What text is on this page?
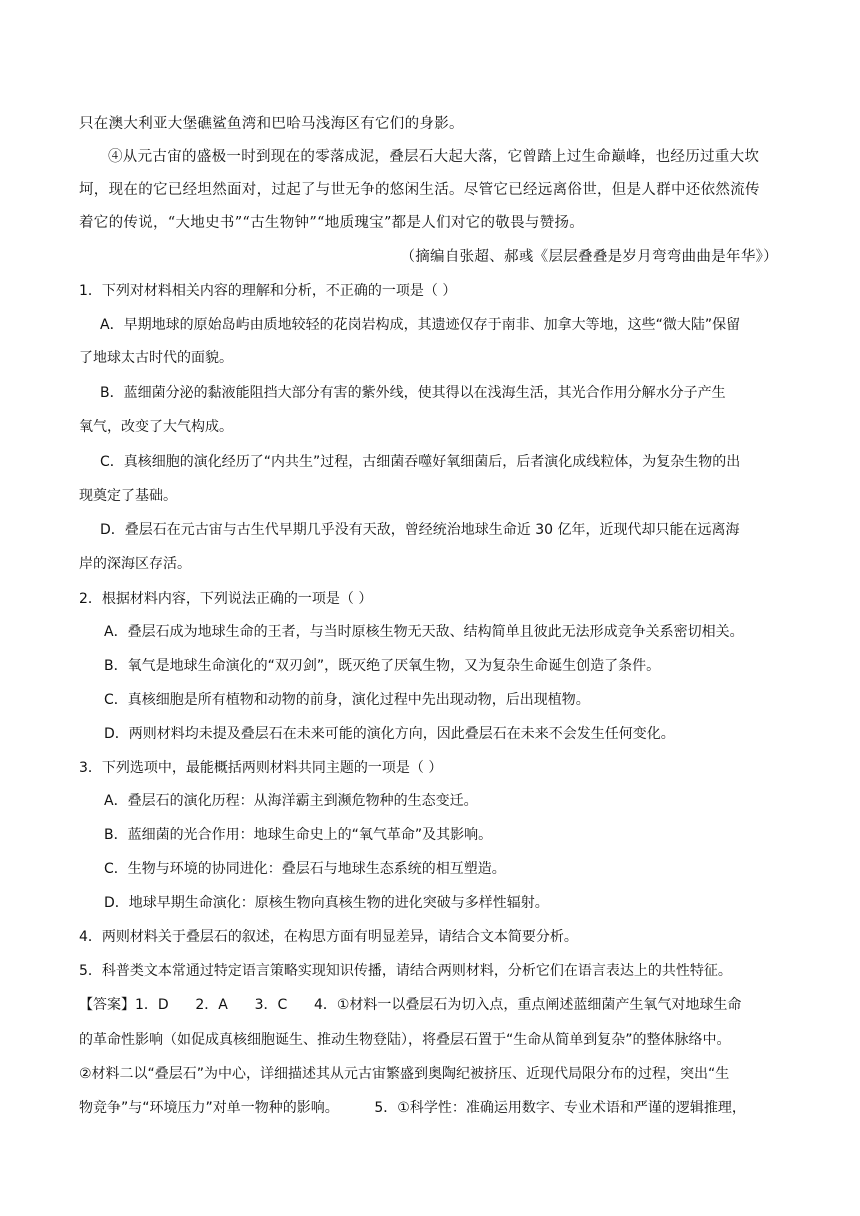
只在澳大利亚大堡礁鲨鱼湾和巴哈马浅海区有它们的身影。
④从元古宙的盛极一时到现在的零落成泥，叠层石大起大落，它曾踏上过生命巅峰，也经历过重大坎
坷，现在的它已经坦然面对，过起了与世无争的悠闲生活。尽管它已经远离俗世，但是人群中还依然流传
着它的传说，“大地史书”“古生物钟”“地质瑰宝”都是人们对它的敬畏与赞扬。
（摘编自张超、郝彧《层层叠叠是岁月弯弯曲曲是年华》）
1．下列对材料相关内容的理解和分析，不正确的一项是（ ）
A．早期地球的原始岛屿由质地较轻的花岗岩构成，其遗迹仅存于南非、加拿大等地，这些“微大陆”保留
了地球太古时代的面貌。
B．蓝细菌分泌的黏液能阻挡大部分有害的紫外线，使其得以在浅海生活，其光合作用分解水分子产生
氧气，改变了大气构成。
C．真核细胞的演化经历了“内共生”过程，古细菌吞噬好氧细菌后，后者演化成线粒体，为复杂生物的出
现奠定了基础。
D．叠层石在元古宙与古生代早期几乎没有天敌，曾经统治地球生命近 30 亿年，近现代却只能在远离海
岸的深海区存活。
2．根据材料内容，下列说法正确的一项是（ ）
A．叠层石成为地球生命的王者，与当时原核生物无天敌、结构简单且彼此无法形成竞争关系密切相关。
B．氧气是地球生命演化的“双刃剑”，既灭绝了厌氧生物，又为复杂生命诞生创造了条件。
C．真核细胞是所有植物和动物的前身，演化过程中先出现动物，后出现植物。
D．两则材料均未提及叠层石在未来可能的演化方向，因此叠层石在未来不会发生任何变化。
3．下列选项中，最能概括两则材料共同主题的一项是（ ）
A．叠层石的演化历程：从海洋霸主到濒危物种的生态变迁。
B．蓝细菌的光合作用：地球生命史上的“氧气革命”及其影响。
C．生物与环境的协同进化：叠层石与地球生态系统的相互塑造。
D．地球早期生命演化：原核生物向真核生物的进化突破与多样性辐射。
4．两则材料关于叠层石的叙述，在构思方面有明显差异，请结合文本简要分析。
5．科普类文本常通过特定语言策略实现知识传播，请结合两则材料，分析它们在语言表达上的共性特征。
【答案】1．D      2．A      3．C      4．①材料一以叠层石为切入点，重点阐述蓝细菌产生氧气对地球生命
的革命性影响（如促成真核细胞诞生、推动生物登陆），将叠层石置于“生命从简单到复杂”的整体脉络中。
②材料二以“叠层石”为中心，详细描述其从元古宙繁盛到奥陶纪被挤压、近现代局限分布的过程，突出“生
物竞争”与“环境压力”对单一物种的影响。        5．①科学性：准确运用数字、专业术语和严谨的逻辑推理，
